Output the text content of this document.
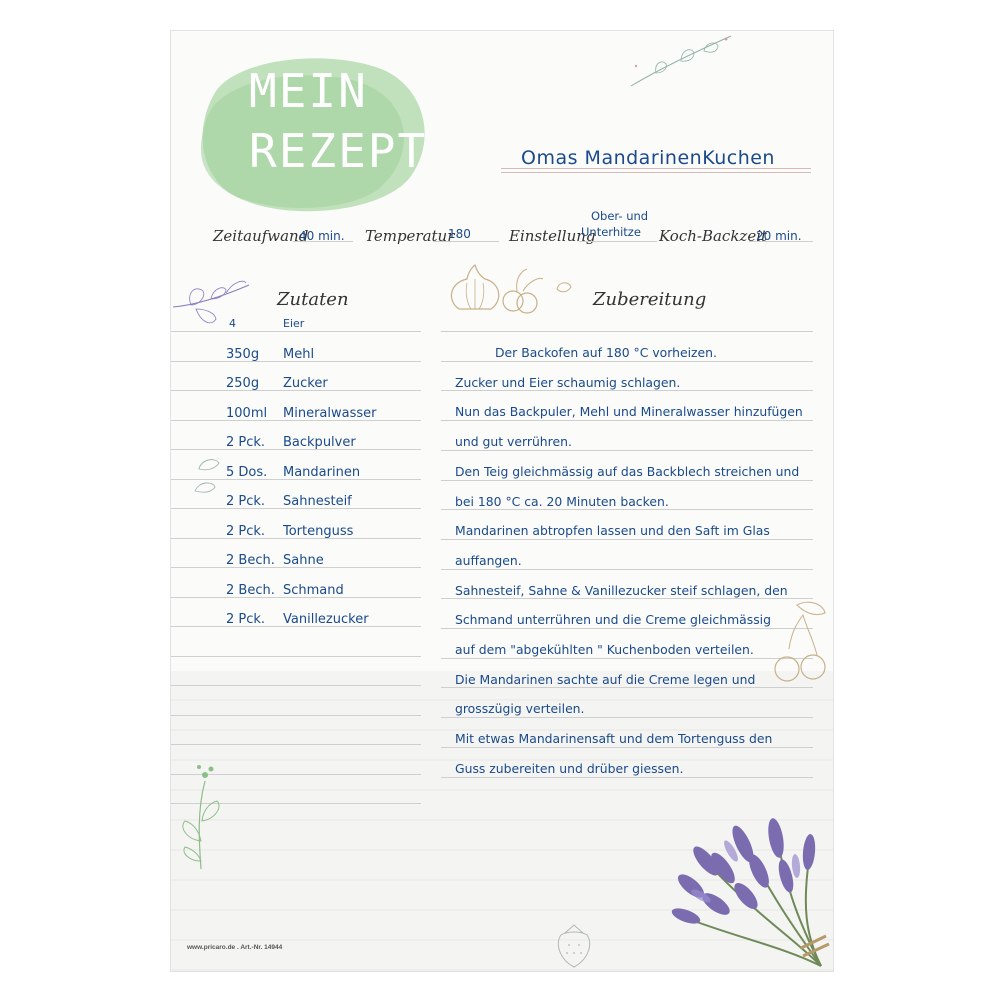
MEIN
REZEPT	Omas MandarinenKuchen
Zeitaufwand
40 min. Temperatur
180	Einstellung
Ober- und
Unterhitze Koch-Backzeit
20 min.
Zutaten
4	Eier
350g Mehl
250g Zucker
100ml Mineralwasser
2 Pck. Backpulver
5 Dos. Mandarinen
2 Pck. Sahnesteif
2 Pck. Tortenguss
2 Bech. Sahne
2 Bech. Schmand
2 Pck. Vanillezucker
Zubereitung
Der Backofen auf 180 °C vorheizen.
Zucker und Eier schaumig schlagen.
Nun das Backpuler, Mehl und Mineralwasser hinzufügen
und gut verrühren.
Den Teig gleichmässig auf das Backblech streichen und
bei 180 °C ca. 20 Minuten backen.
Mandarinen abtropfen lassen und den Saft im Glas
auffangen.
Sahnesteif, Sahne & Vanillezucker steif schlagen, den
Schmand unterrühren und die Creme gleichmässig
auf dem "abgekühlten " Kuchenboden verteilen.
Die Mandarinen sachte auf die Creme legen und
grosszügig verteilen.
Mit etwas Mandarinensaft und dem Tortenguss den
Guss zubereiten und drüber giessen.
www.pricaro.de . Art.-Nr. 14944
